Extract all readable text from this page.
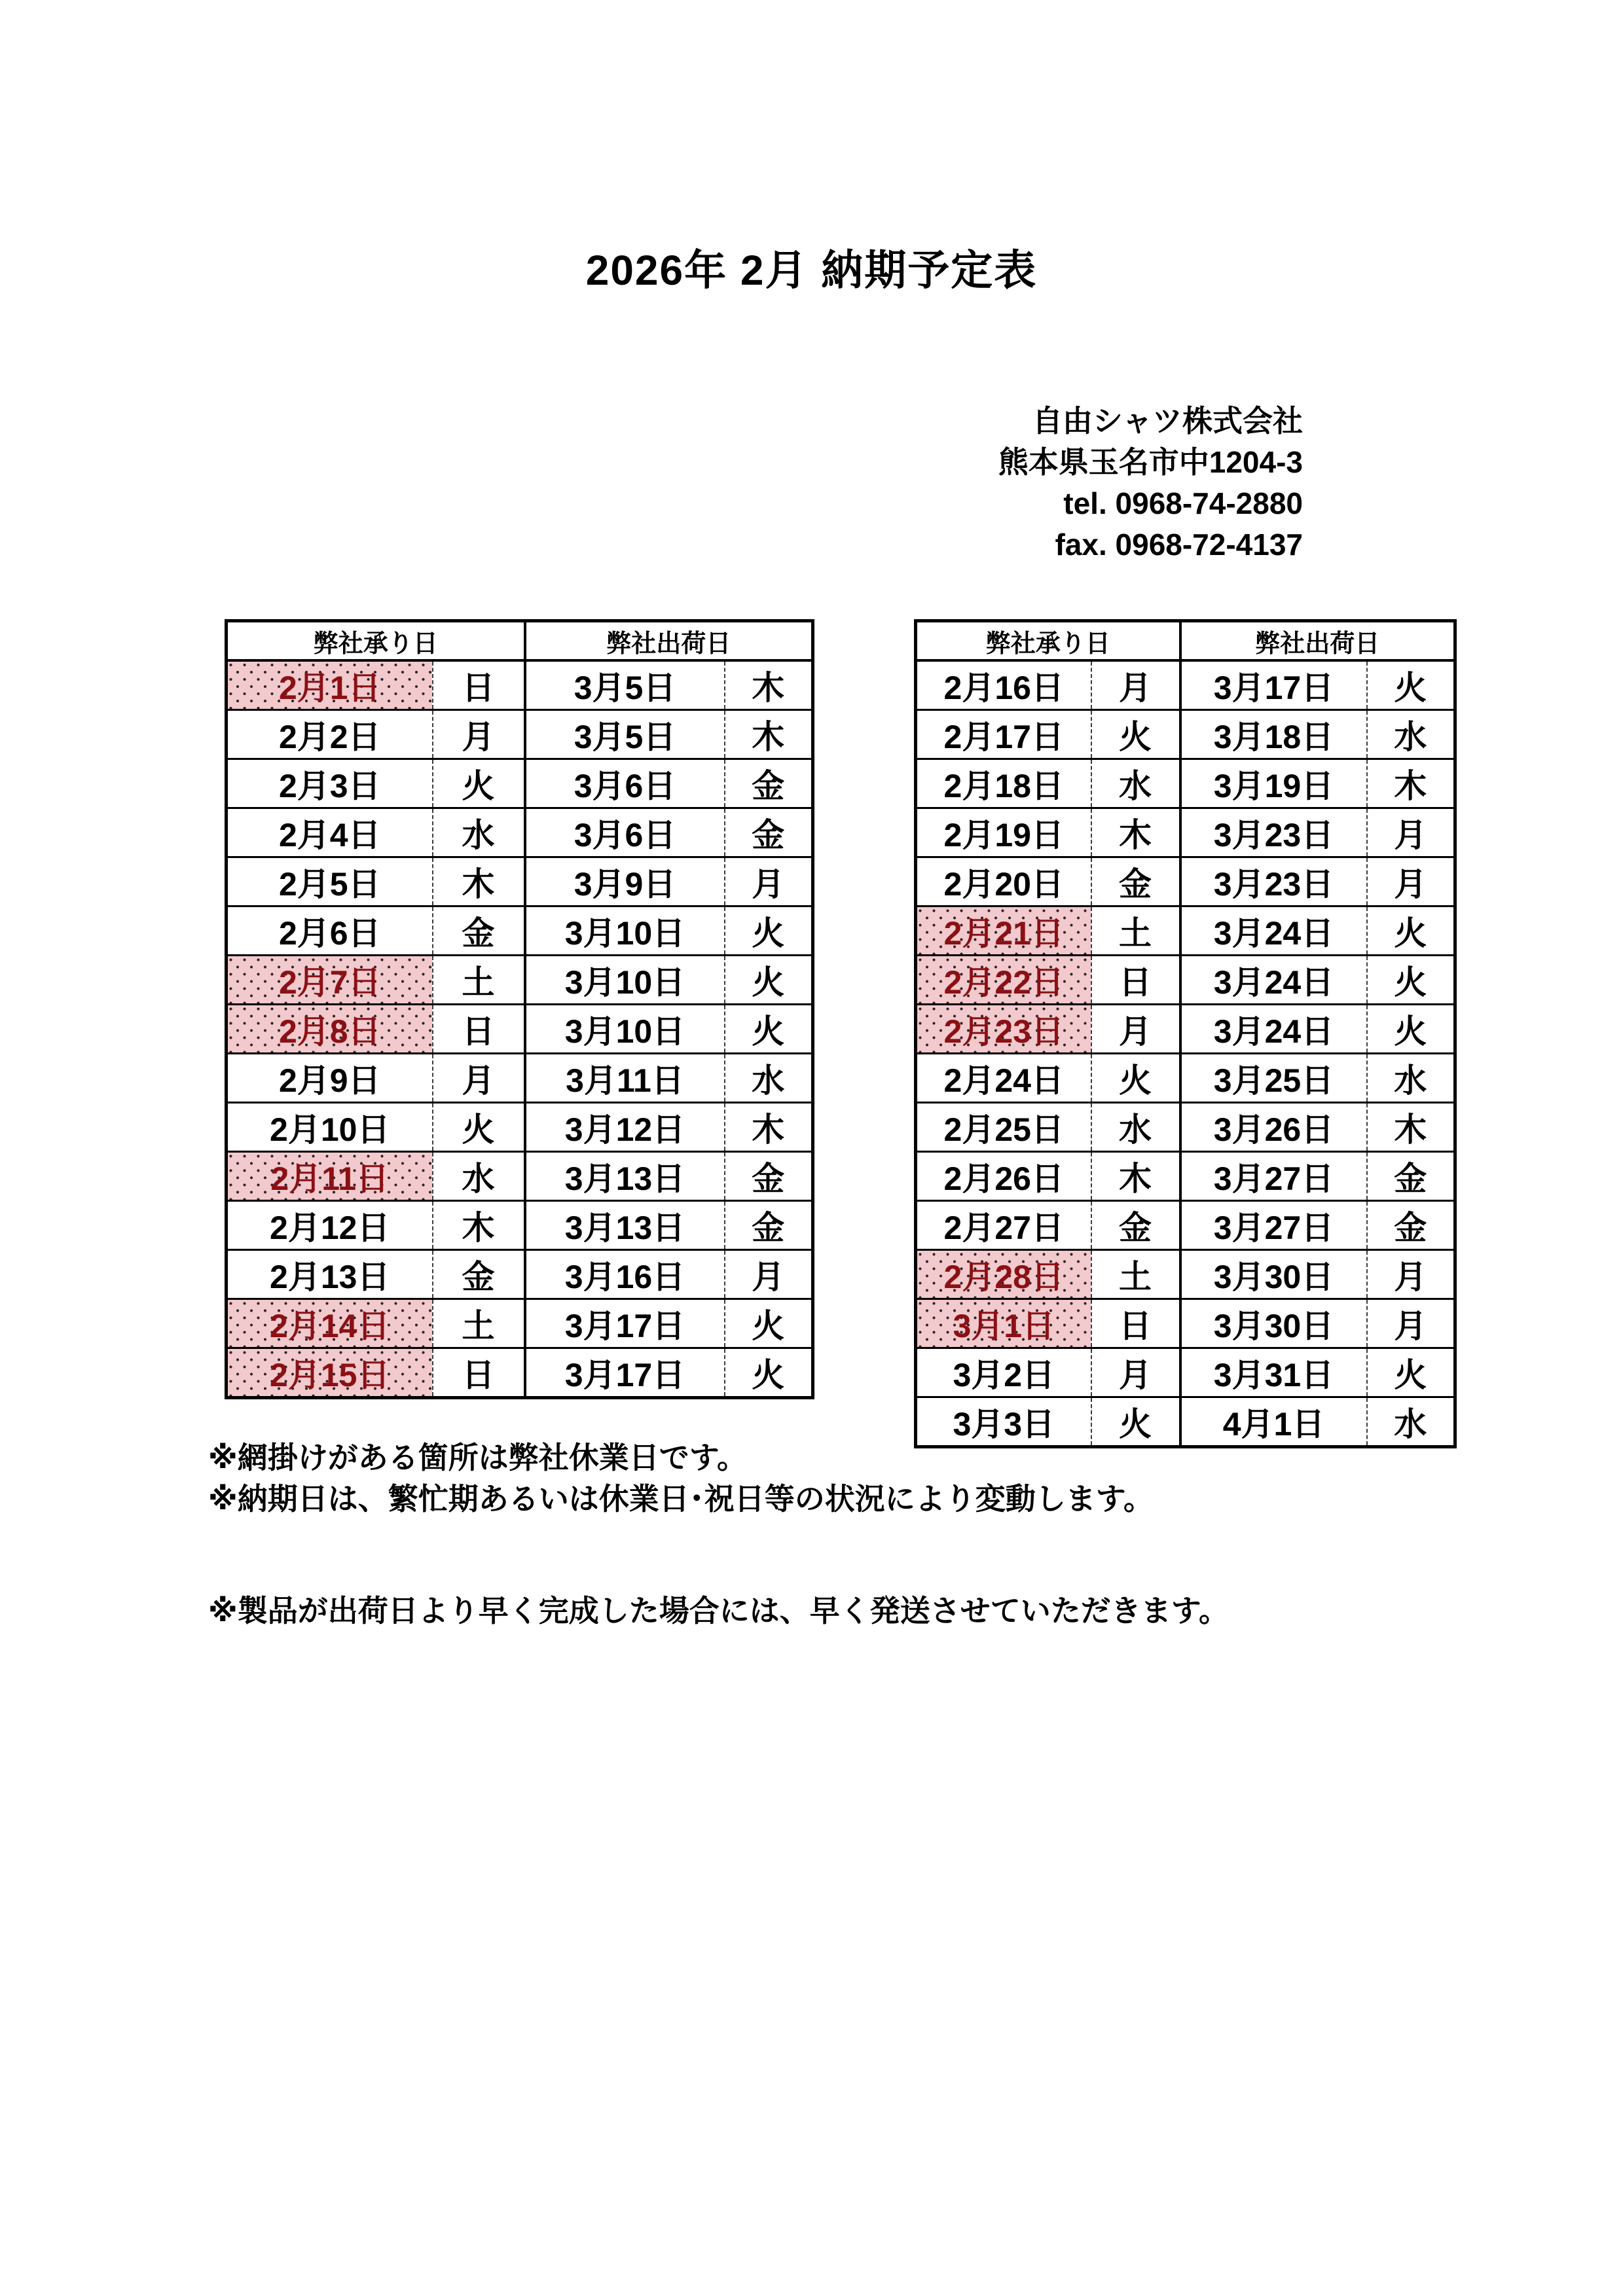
2026年 2月 納期予定表
自由シャツ株式会社
熊本県玉名市中1204-3
tel. 0968-74-2880
fax. 0968-72-4137
弊社承り日		弊社出荷日	
2月1日	日	3月5日	木
2月2日	月	3月5日	木
2月3日	火	3月6日	金
2月4日	水	3月6日	金
2月5日	木	3月9日	月
2月6日	金	3月10日	火
2月7日	土	3月10日	火
2月8日	日	3月10日	火
2月9日	月	3月11日	水
2月10日	火	3月12日	木
2月11日	水	3月13日	金
2月12日	木	3月13日	金
2月13日	金	3月16日	月
2月14日	土	3月17日	火
2月15日	日	3月17日	火
弊社承り日		弊社出荷日	
2月16日	月	3月17日	火
2月17日	火	3月18日	水
2月18日	水	3月19日	木
2月19日	木	3月23日	月
2月20日	金	3月23日	月
2月21日	土	3月24日	火
2月22日	日	3月24日	火
2月23日	月	3月24日	火
2月24日	火	3月25日	水
2月25日	水	3月26日	木
2月26日	木	3月27日	金
2月27日	金	3月27日	金
2月28日	土	3月30日	月
3月1日	日	3月30日	月
3月2日	月	3月31日	火
3月3日	火	4月1日	水
※網掛けがある箇所は弊社休業日です。
※納期日は、繁忙期あるいは休業日･祝日等の状況により変動します。
※製品が出荷日より早く完成した場合には、早く発送させていただきます。
